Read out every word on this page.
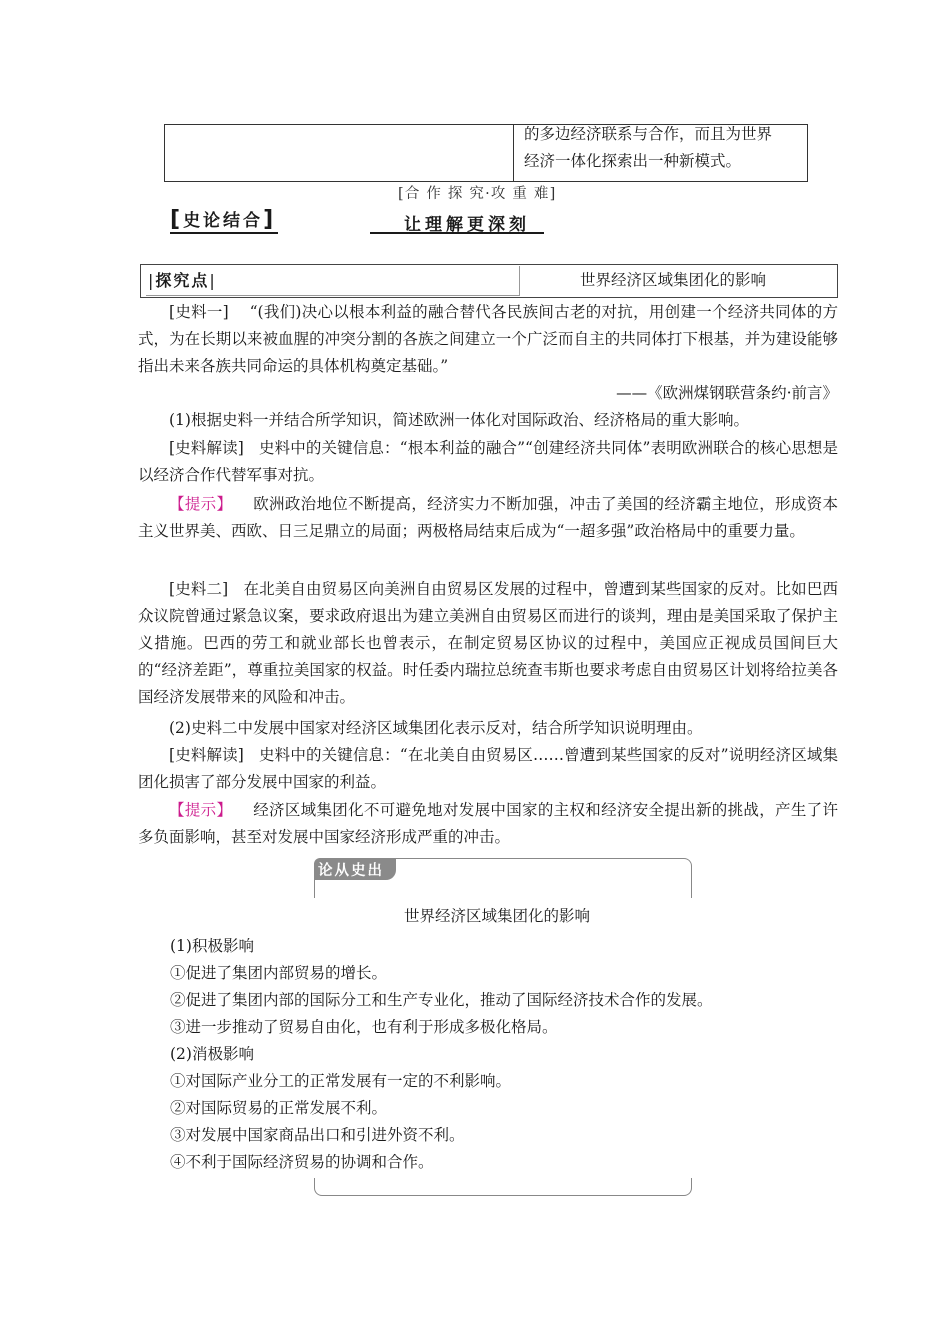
的多边经济联系与合作，而且为世界
经济一体化探索出一种新模式。
[合 作 探 究·攻 重 难]
[史论结合]	让理解更深刻
|探究点|	世界经济区域集团化的影响
[史料一] “(我们)决心以根本利益的融合替代各民族间古老的对抗，用创建一个经济共同体的方式，为在长期以来被血腥的冲突分割的各族之间建立一个广泛而自主的共同体打下根基，并为建设能够指出未来各族共同命运的具体机构奠定基础。”
——《欧洲煤钢联营条约·前言》
(1)根据史料一并结合所学知识，简述欧洲一体化对国际政治、经济格局的重大影响。
[史料解读] 史料中的关键信息：“根本利益的融合”“创建经济共同体”表明欧洲联合的核心思想是以经济合作代替军事对抗。
【提示】 欧洲政治地位不断提高，经济实力不断加强，冲击了美国的经济霸主地位，形成资本主义世界美、西欧、日三足鼎立的局面；两极格局结束后成为“一超多强”政治格局中的重要力量。
[史料二] 在北美自由贸易区向美洲自由贸易区发展的过程中，曾遭到某些国家的反对。比如巴西众议院曾通过紧急议案，要求政府退出为建立美洲自由贸易区而进行的谈判，理由是美国采取了保护主义措施。巴西的劳工和就业部长也曾表示，在制定贸易区协议的过程中，美国应正视成员国间巨大的“经济差距”，尊重拉美国家的权益。时任委内瑞拉总统查韦斯也要求考虑自由贸易区计划将给拉美各国经济发展带来的风险和冲击。
(2)史料二中发展中国家对经济区域集团化表示反对，结合所学知识说明理由。
[史料解读] 史料中的关键信息：“在北美自由贸易区……曾遭到某些国家的反对”说明经济区域集团化损害了部分发展中国家的利益。
【提示】 经济区域集团化不可避免地对发展中国家的主权和经济安全提出新的挑战，产生了许多负面影响，甚至对发展中国家经济形成严重的冲击。
论从史出
世界经济区域集团化的影响
(1)积极影响
①促进了集团内部贸易的增长。
②促进了集团内部的国际分工和生产专业化，推动了国际经济技术合作的发展。
③进一步推动了贸易自由化，也有利于形成多极化格局。
(2)消极影响
①对国际产业分工的正常发展有一定的不利影响。
②对国际贸易的正常发展不利。
③对发展中国家商品出口和引进外资不利。
④不利于国际经济贸易的协调和合作。
